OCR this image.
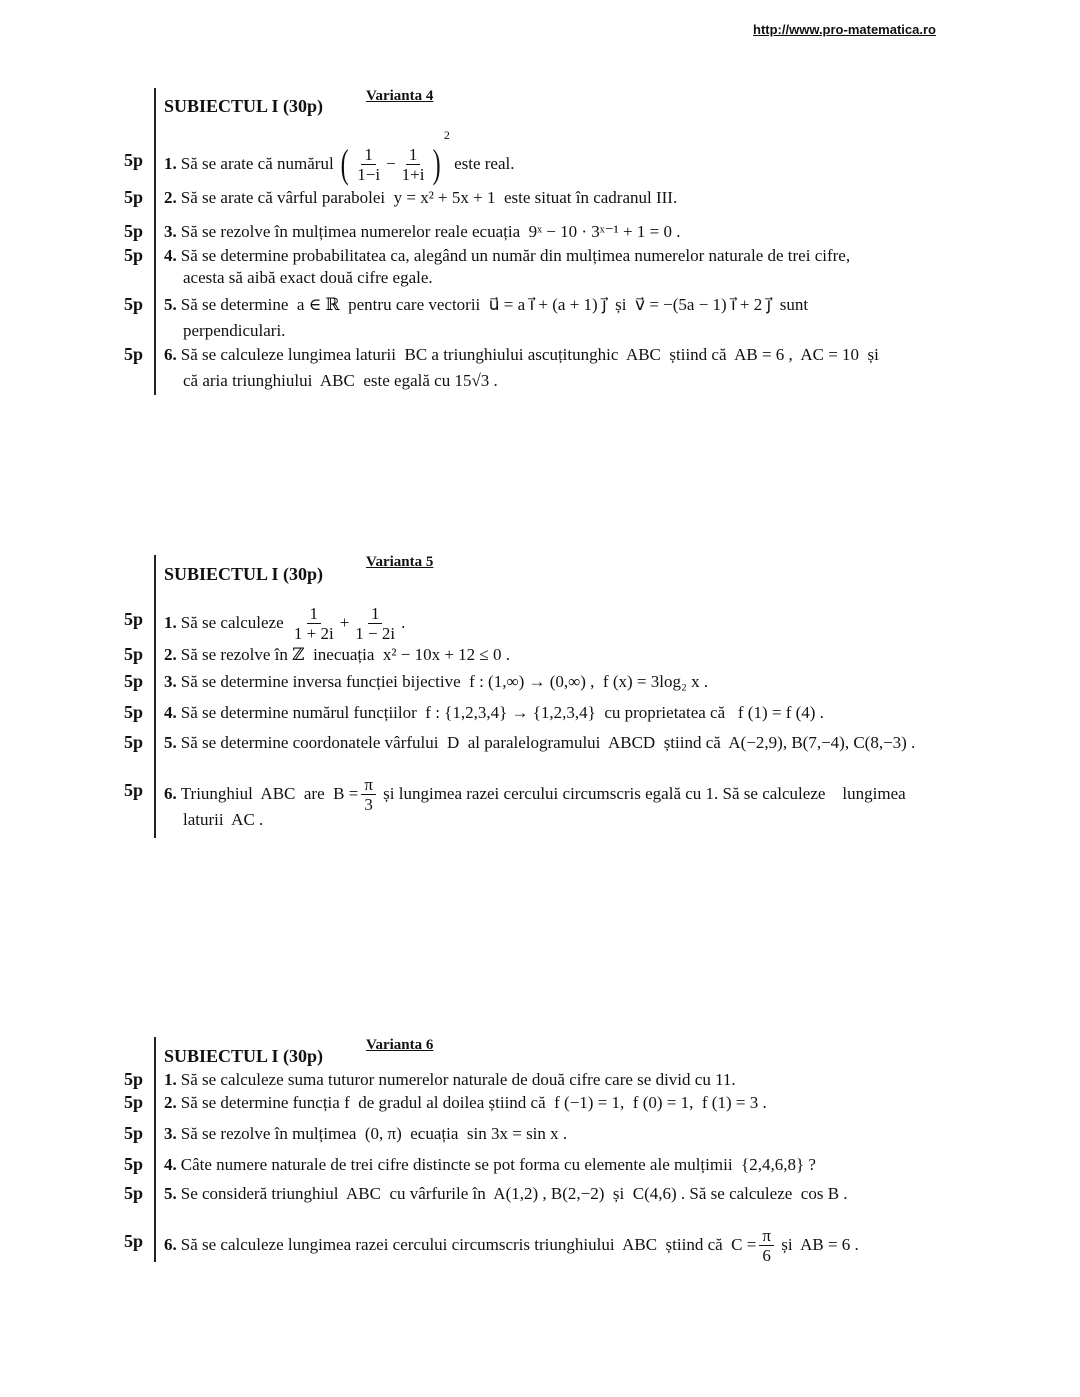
http://www.pro-matematica.ro
Varianta 4
SUBIECTUL I (30p)
5p 1. Să se arate că numărul ( $\frac{1}{1-i} - \frac{1}{1+i}$ )
2
este real.
5p 2. Să se arate că vârful parabolei  y = x² + 5x + 1  este situat în cadranul III.
5p 3. Să se rezolve în mulțimea numerelor reale ecuația  9ˣ − 10 · 3ˣ⁻¹ + 1 = 0 .
5p 4. Să se determine probabilitatea ca, alegând un număr din mulțimea numerelor naturale de trei cifre,
acesta să aibă exact două cifre egale.
5p 5. Să se determine  a ∈ ℝ  pentru care vectorii  u⃗ = a i⃗ + (a + 1) j⃗  și  v⃗ = −(5a − 1) i⃗ + 2 j⃗  sunt
perpendiculari.
5p 6. Să se calculeze lungimea laturii  BC a triunghiului ascuțitunghic  ABC  știind că  AB = 6 ,  AC = 10  și
că aria triunghiului  ABC  este egală cu 15√3 .
Varianta 5
SUBIECTUL I (30p)
5p 1. Să se calculeze $\frac{1}{1 + 2i} + \frac{1}{1 - 2i}$ .
5p 2. Să se rezolve în ℤ  inecuația  x² − 10x + 12 ≤ 0 .
5p 3. Să se determine inversa funcției bijective  f : (1,∞) → (0,∞) ,  f (x) = 3log₂ x .
5p 4. Să se determine numărul funcțiilor  f : {1,2,3,4} → {1,2,3,4}  cu proprietatea că   f (1) = f (4) .
5p 5. Să se determine coordonatele vârfului  D  al paralelogramului  ABCD  știind că  A(−2,9), B(7,−4), C(8,−3) .
5p 6. Triunghiul  ABC  are  $B = \frac{\pi}{3}$ și lungimea razei cercului circumscris egală cu 1. Să se calculeze    lungimea
laturii  AC .
Varianta 6
SUBIECTUL I (30p)
5p 1. Să se calculeze suma tuturor numerelor naturale de două cifre care se divid cu 11.
5p 2. Să se determine funcția f  de gradul al doilea știind că  f (−1) = 1,  f (0) = 1,  f (1) = 3 .
5p 3. Să se rezolve în mulțimea  (0, π)  ecuația  sin 3x = sin x .
5p 4. Câte numere naturale de trei cifre distincte se pot forma cu elemente ale mulțimii  {2,4,6,8} ?
5p 5. Se consideră triunghiul  ABC  cu vârfurile în  A(1,2) , B(2,−2)  și  C(4,6) . Să se calculeze  cos B .
5p 6. Să se calculeze lungimea razei cercului circumscris triunghiului  ABC  știind că  $C = \frac{\pi}{6}$ și  AB = 6 .
